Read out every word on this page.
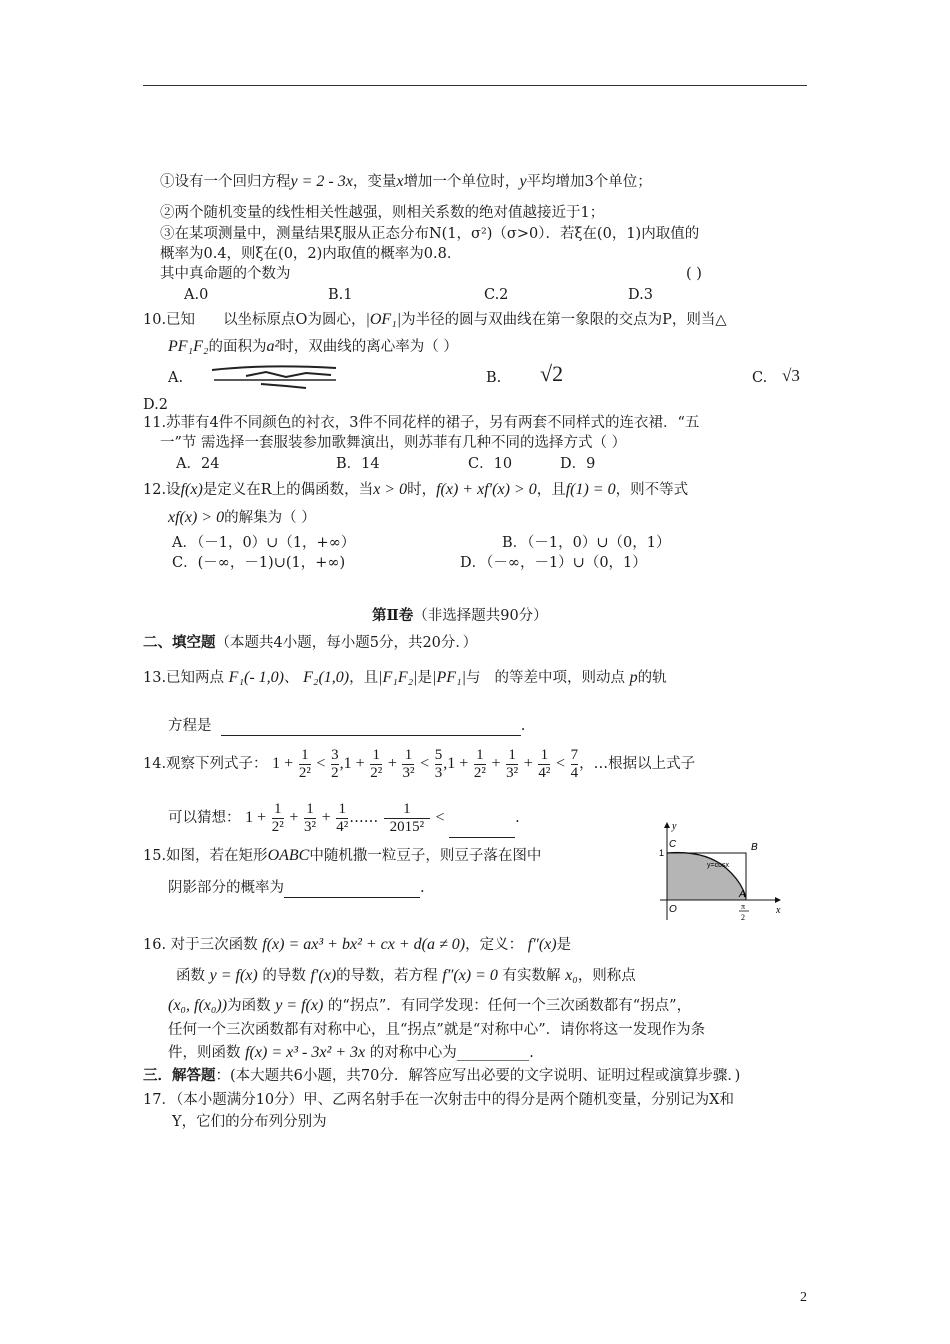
①设有一个回归方程y = 2 - 3x，变量x增加一个单位时，y平均增加3个单位；
②两个随机变量的线性相关性越强，则相关系数的绝对值越接近于1；
③在某项测量中，测量结果ξ服从正态分布N(1，σ²)（σ>0）．若ξ在(0，1)内取值的
概率为0.4，则ξ在(0，2)内取值的概率为0.8．
其中真命题的个数为	( )
A.0	B.1	C.2	D.3
10.已知 以坐标原点O为圆心，|OF₁|为半径的圆与双曲线在第一象限的交点为P，则当△
PF₁F₂的面积为a²时，双曲线的离心率为（ ）
A.	B. √2	C. √3
D.2
11.苏菲有4件不同颜色的衬衣，3件不同花样的裙子，另有两套不同样式的连衣裙．“五
一”节 需选择一套服装参加歌舞演出，则苏菲有几种不同的选择方式（ ）
A．24	B．14	C．10	D．9
12.设f(x)是定义在R上的偶函数，当x > 0时，f(x) + xf′(x) > 0，且f(1) = 0，则不等式
xf(x) > 0的解集为（ ）
A．（－1，0）∪（1，+∞）	B．（－1，0）∪（0，1）
C．(－∞，－1)∪(1，+∞)	D．（－∞，－1）∪（0，1）
第Ⅱ卷（非选择题共90分）
二、填空题（本题共4小题，每小题5分，共20分．）
13.已知两点 F₁(- 1,0)、 F₂(1,0)，且|F₁F₂|是|PF₁|与 的等差中项，则动点 p的轨
方程是	.
14.观察下列式子： $1 + \frac{1}{\text{2²}} < \frac{3}{2} ,1 + \frac{1}{\text{2²}} + \frac{1}{\text{3²}} < \frac{5}{3} ,1 + \frac{1}{\text{2²}} + \frac{1}{\text{3²}} + \frac{1}{\text{4²}} < \frac{7}{4}$ ，…根据以上式子
可以猜想： $1 + \frac{1}{\text{2²}} + \frac{1}{\text{3²}} + \frac{1}{\text{4²}}$ …… $\frac{1}{\text{2015²}}$ <	.
15.如图，若在矩形OABC中随机撒一粒豆子，则豆子落在图中
阴影部分的概率为	.
y
x
C	B
A
O
1
y=cosx
π
2
16. 对于三次函数 f(x) = ax³ + bx² + cx + d(a ≠ 0)，定义： f″(x)是
函数 y = f(x) 的导数 f′(x)的导数，若方程 f″(x) = 0 有实数解 x₀，则称点
(x₀, f(x₀))为函数 y = f(x) 的“拐点”．有同学发现：任何一个三次函数都有“拐点”，
任何一个三次函数都有对称中心，且“拐点”就是“对称中心”．请你将这一发现作为条
件，则函数 f(x) = x³ - 3x² + 3x 的对称中心为__________.
三．解答题：(本大题共6小题，共70分．解答应写出必要的文字说明、证明过程或演算步骤．)
17．（本小题满分10分）甲、乙两名射手在一次射击中的得分是两个随机变量，分别记为X和
Y，它们的分布列分别为
2
